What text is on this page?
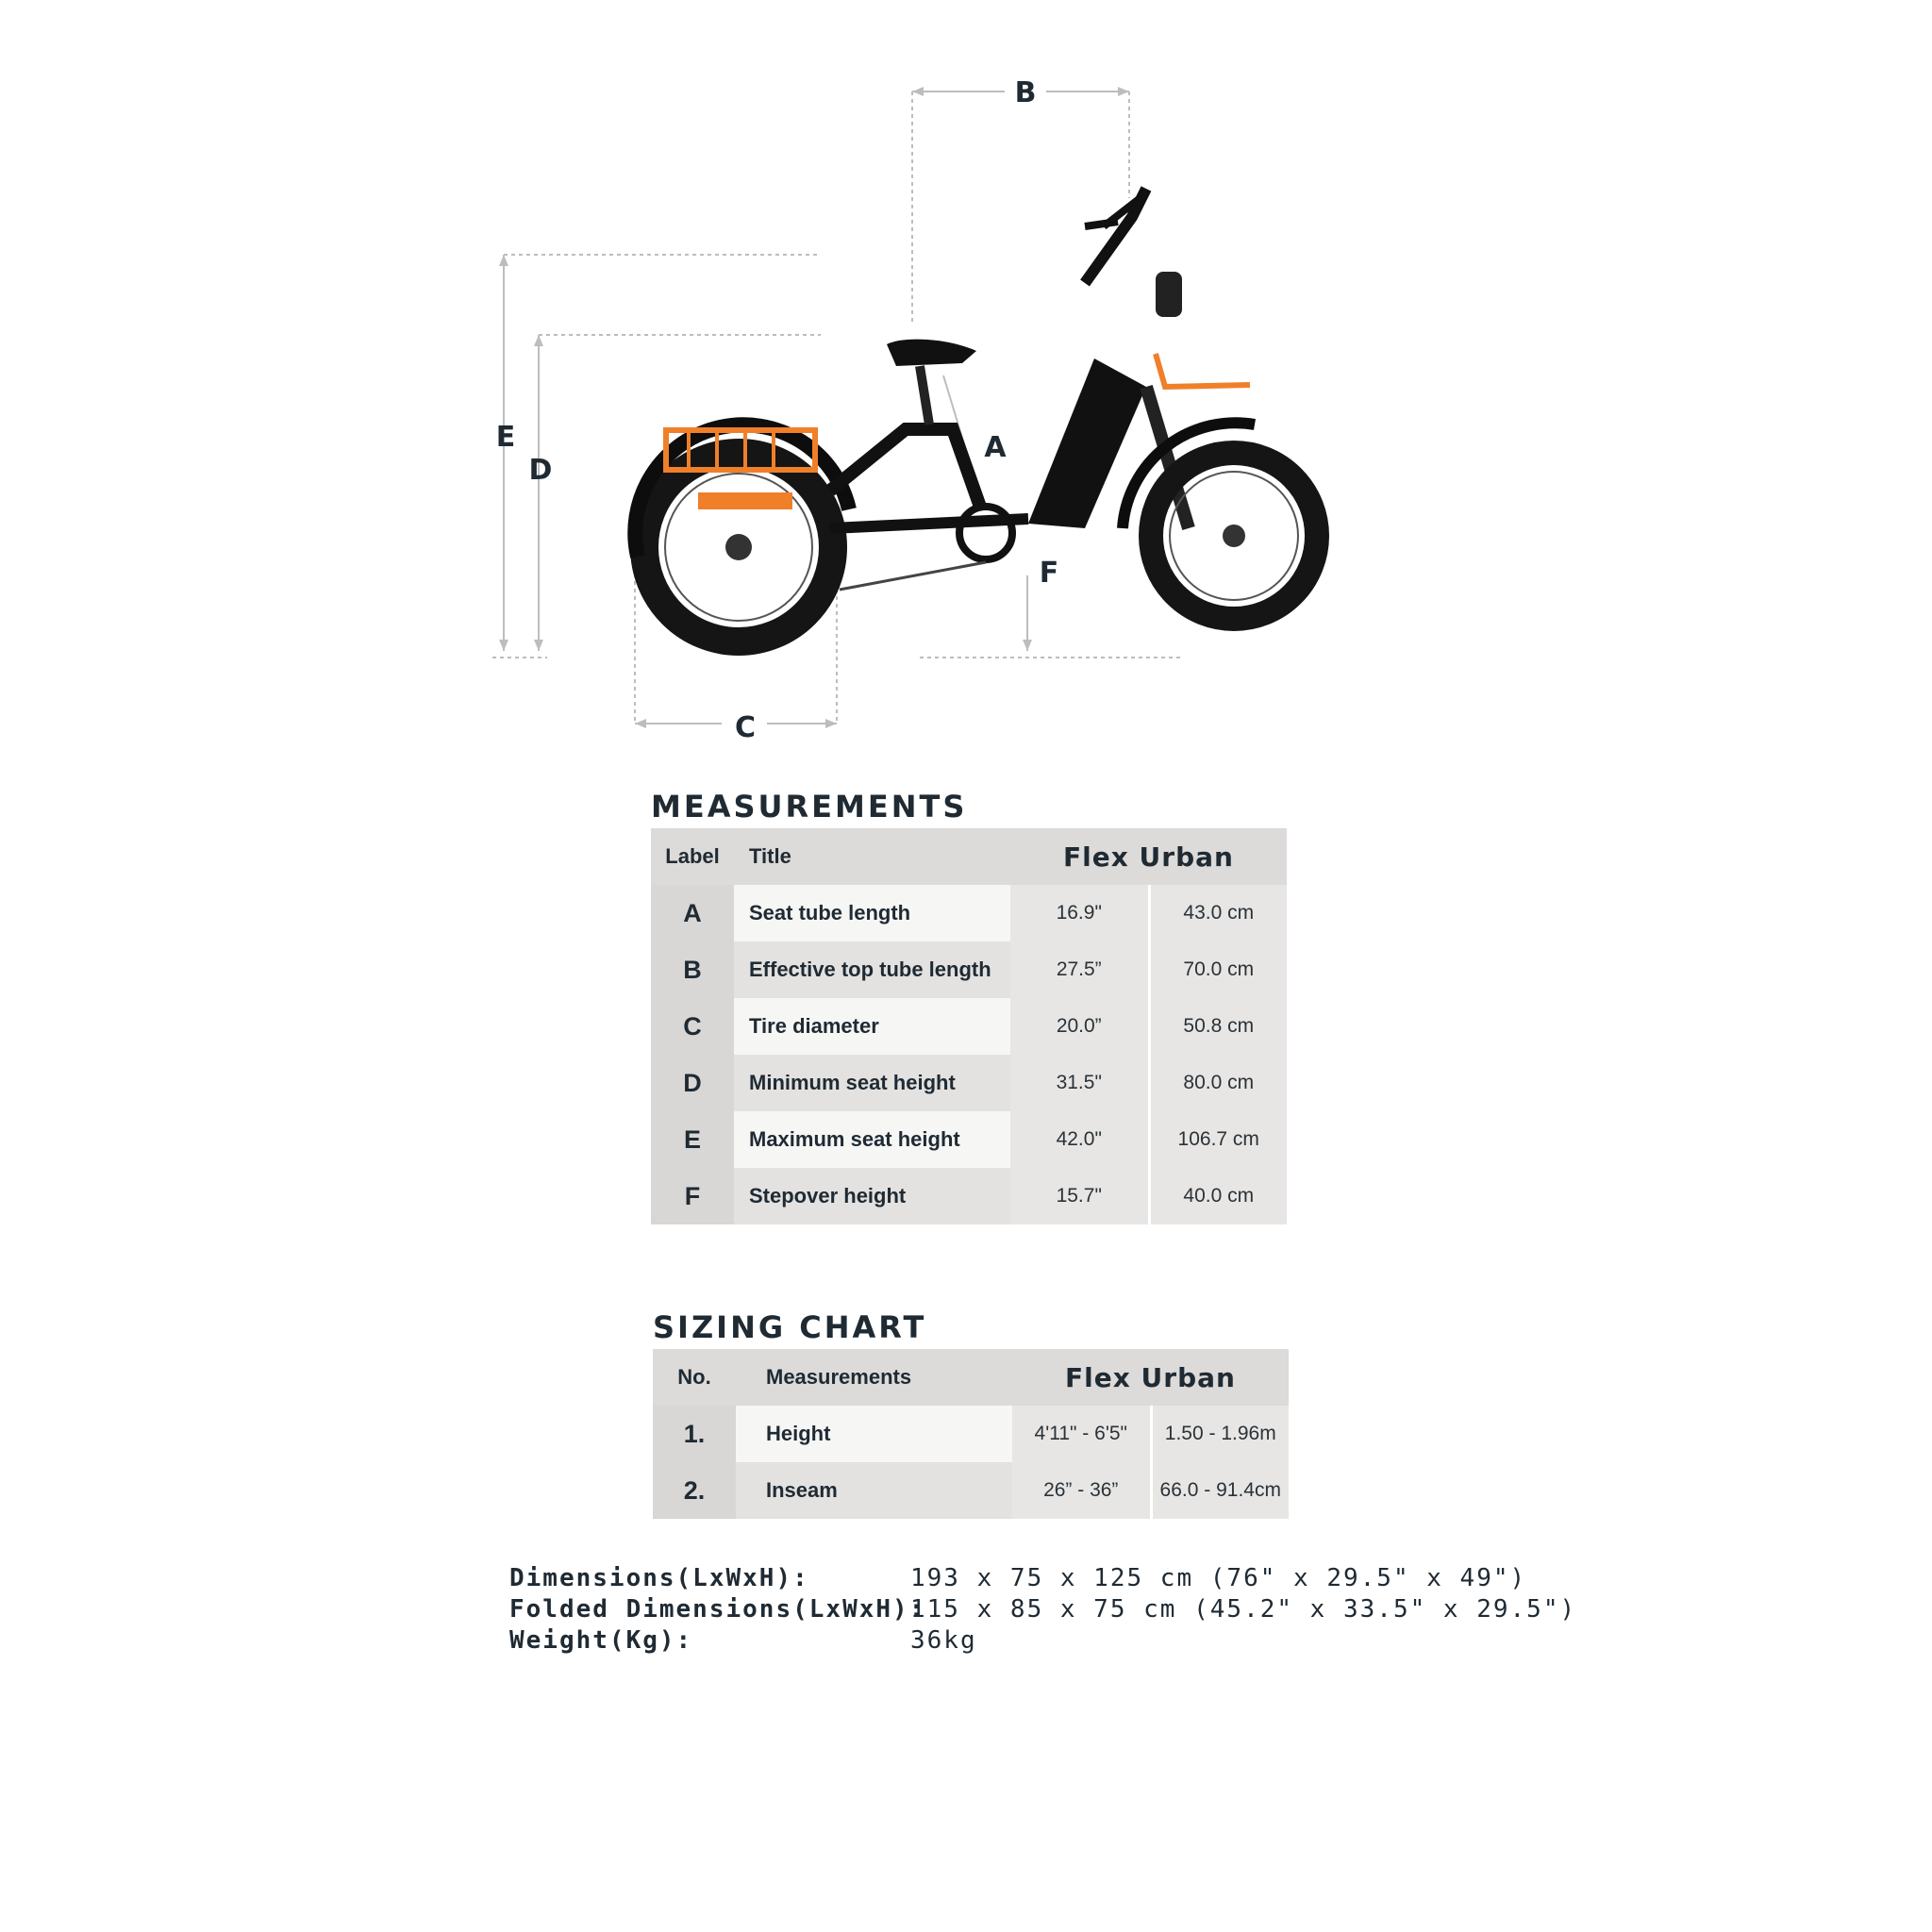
B
E
D
A
F
C
MEASUREMENTS
Label	Title	Flex Urban	
A	Seat tube length	16.9"	43.0 cm
B	Effective top tube length	27.5”	70.0 cm
C	Tire diameter	20.0”	50.8 cm
D	Minimum seat height	31.5"	80.0 cm
E	Maximum seat height	42.0"	106.7 cm
F	Stepover height	15.7"	40.0 cm
SIZING CHART
No.	Measurements	Flex Urban	
1.	Height	4'11" - 6'5"	1.50 - 1.96m
2.	Inseam	26” - 36”	66.0 - 91.4cm
Dimensions(LxWxH):	193 x 75 x 125 cm (76" x 29.5" x 49")
Folded Dimensions(LxWxH):115 x 85 x 75 cm (45.2" x 33.5" x 29.5")
Weight(Kg):	36kg
